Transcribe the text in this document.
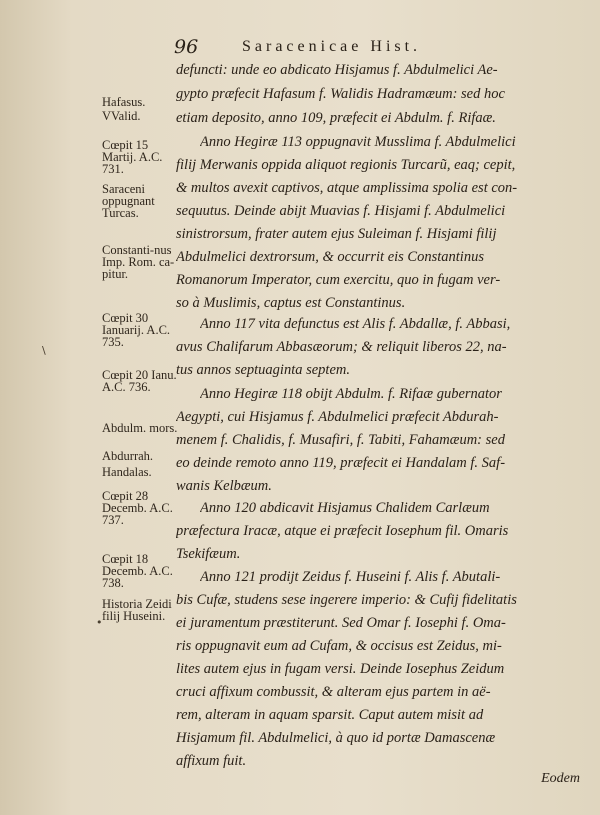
96	Saracenicae Hist.
Hafasus.
VValid.
Cœpit 15 Martij. A.C. 731.
Saraceni oppugnant Turcas.
Constanti-nus Imp. Rom. ca-pitur.
Cœpit 30 Ianuarij. A.C. 735.
Cœpit 20 Ianu. A.C. 736.
Abdulm. mors.
Abdurrah.
Handalas.
Cœpit 28 Decemb. A.C. 737.
Cœpit 18 Decemb. A.C. 738.
Historia Zeidi filij Huseini.
defuncti: unde eo abdicato Hisjamus f. Abdulmelici Ae-
gypto præfecit Hafasum f. Walidis Hadramæum: sed hoc
etiam deposito, anno 109, præfecit ei Abdulm. f. Rifaæ.
Anno Hegiræ 113 oppugnavit Musslima f. Abdulmelici
filij Merwanis oppida aliquot regionis Turcarũ, eaq; cepit,
& multos avexit captivos, atque amplissima spolia est con-
sequutus. Deinde abijt Muavias f. Hisjami f. Abdulmelici
sinistrorsum, frater autem ejus Suleiman f. Hisjami filij
Abdulmelici dextrorsum, & occurrit eis Constantinus
Romanorum Imperator, cum exercitu, quo in fugam ver-
so à Muslimis, captus est Constantinus.
Anno 117 vita defunctus est Alis f. Abdallæ, f. Abbasi,
avus Chalifarum Abbasæorum; & reliquit liberos 22, na-
tus annos septuaginta septem.
Anno Hegiræ 118 obijt Abdulm. f. Rifaæ gubernator
Aegypti, cui Hisjamus f. Abdulmelici præfecit Abdurah-
menem f. Chalidis, f. Musafiri, f. Tabiti, Fahamæum: sed
eo deinde remoto anno 119, præfecit ei Handalam f. Saf-
wanis Kelbæum.
Anno 120 abdicavit Hisjamus Chalidem Carlæum
præfectura Iracæ, atque ei præfecit Iosephum fil. Omaris
Tsekifæum.
Anno 121 prodijt Zeidus f. Huseini f. Alis f. Abutali-
bis Cufæ, studens sese ingerere imperio: & Cufij fidelitatis
ei juramentum præstiterunt. Sed Omar f. Iosephi f. Oma-
ris oppugnavit eum ad Cufam, & occisus est Zeidus, mi-
lites autem ejus in fugam versi. Deinde Iosephus Zeidum
cruci affixum combussit, & alteram ejus partem in aë-
rem, alteram in aquam sparsit. Caput autem misit ad
Hisjamum fil. Abdulmelici, à quo id portæ Damascenæ
affixum fuit.
\
•
Eodem
